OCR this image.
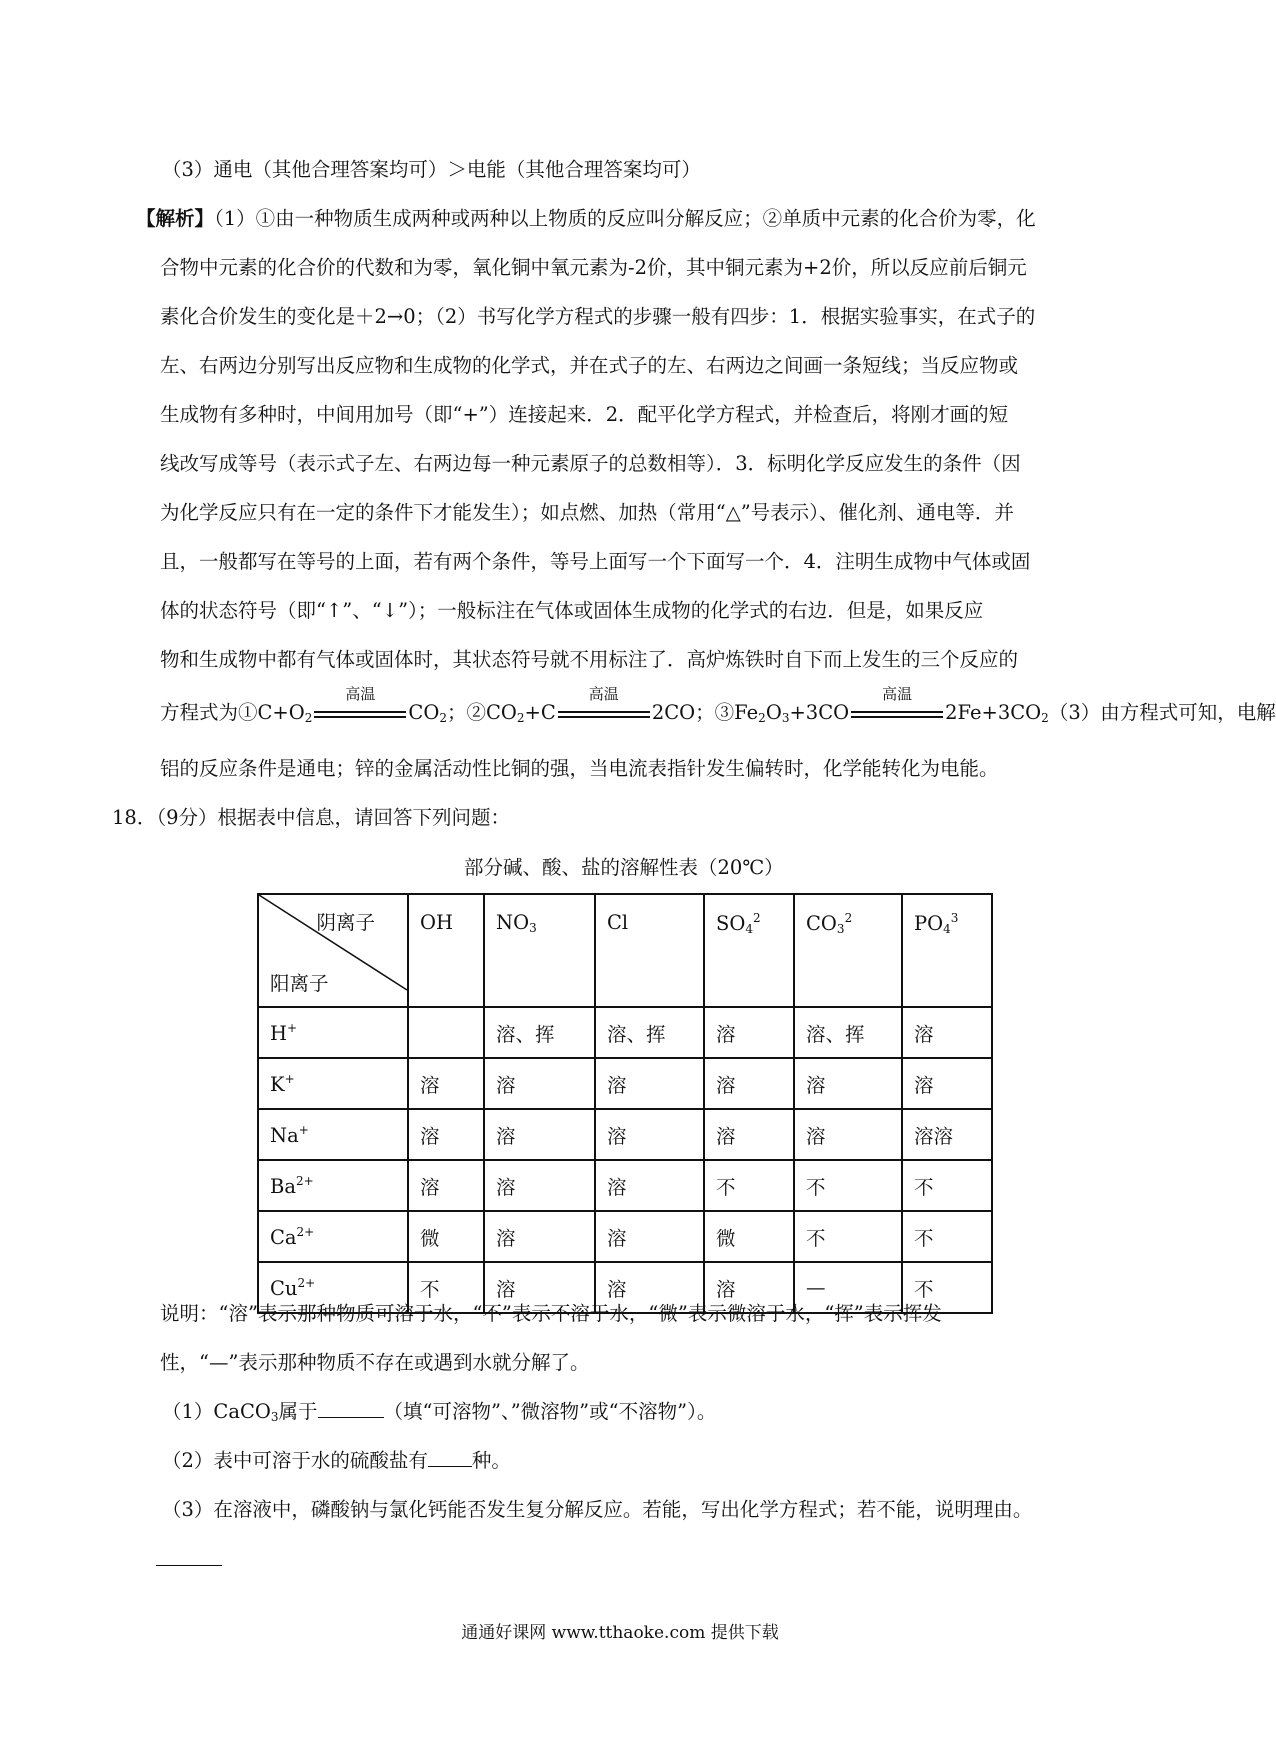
（3）通电（其他合理答案均可）＞电能（其他合理答案均可）
【解析】（1）①由一种物质生成两种或两种以上物质的反应叫分解反应；②单质中元素的化合价为零，化
合物中元素的化合价的代数和为零，氧化铜中氧元素为-2价，其中铜元素为+2价，所以反应前后铜元
素化合价发生的变化是＋2→0；（2）书写化学方程式的步骤一般有四步：1．根据实验事实，在式子的
左、右两边分别写出反应物和生成物的化学式，并在式子的左、右两边之间画一条短线；当反应物或
生成物有多种时，中间用加号（即“+”）连接起来．2．配平化学方程式，并检查后，将刚才画的短
线改写成等号（表示式子左、右两边每一种元素原子的总数相等）．3．标明化学反应发生的条件（因
为化学反应只有在一定的条件下才能发生）；如点燃、加热（常用“△”号表示）、催化剂、通电等．并
且，一般都写在等号的上面，若有两个条件，等号上面写一个下面写一个．4．注明生成物中气体或固
体的状态符号（即“↑”、“↓”）；一般标注在气体或固体生成物的化学式的右边．但是，如果反应
物和生成物中都有气体或固体时，其状态符号就不用标注了．高炉炼铁时自下而上发生的三个反应的
方程式为$①C+O_2$
高温
$CO_2$；$②CO_2+C$
高温
2CO；$③Fe_2O_3+3CO$
高温
$2Fe+3CO_2(3)$由方程式可知，电解
铝的反应条件是通电；锌的金属活动性比铜的强，当电流表指针发生偏转时，化学能转化为电能。
18．（9分）根据表中信息，请回答下列问题：
部分碱、酸、盐的溶解性表（20℃）
阴离子
阳离子	OH	$NO_3$	Cl	$SO_4^2$	$CO_3^2$	$PO_4^3$
H+		溶、挥	溶、挥	溶	溶、挥	溶
K+	溶	溶	溶	溶	溶	溶
Na+	溶	溶	溶	溶	溶	溶溶
$Ba^{2+}$	溶	溶	溶	不	不	不
$Ca^{2+}$	微	溶	溶	微	不	不
$Cu^{2+}$	不	溶	溶	溶	—	不
说明：“溶”表示那种物质可溶于水，“不”表示不溶于水，“微”表示微溶于水，“挥”表示挥发
性，“—”表示那种物质不存在或遇到水就分解了。
（1）CaCO$_3$属于	（填“可溶物”、”微溶物”或“不溶物”）。
（2）表中可溶于水的硫酸盐有 种。
（3）在溶液中，磷酸钠与氯化钙能否发生复分解反应。若能，写出化学方程式；若不能，说明理由。
通通好课网 www.tthaoke.com 提供下载
